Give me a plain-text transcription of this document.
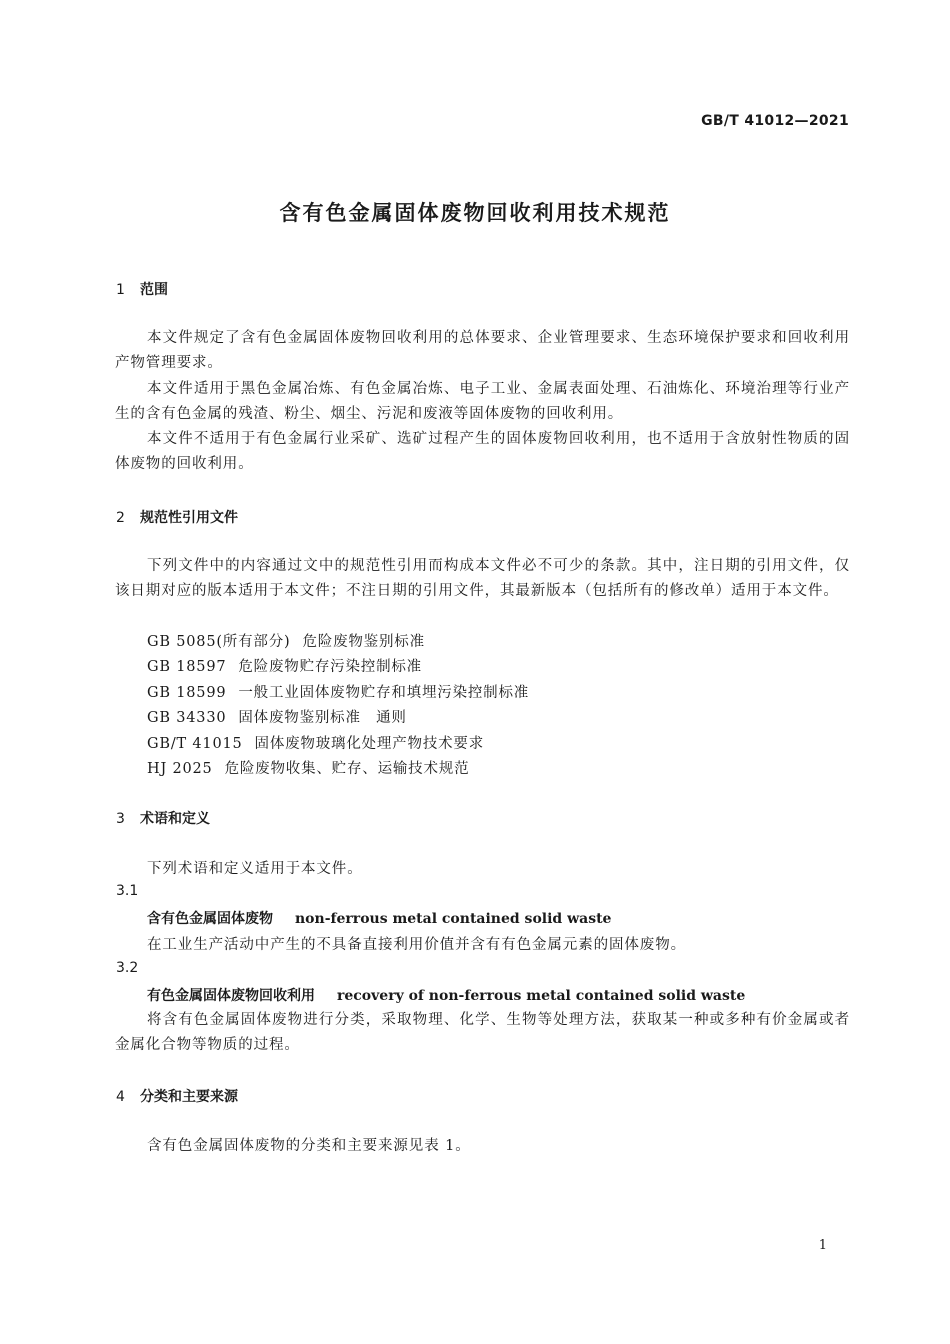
GB/T 41012—2021
含有色金属固体废物回收利用技术规范
1 范围
本文件规定了含有色金属固体废物回收利用的总体要求、企业管理要求、生态环境保护要求和回收利用产物管理要求。
本文件适用于黑色金属冶炼、有色金属冶炼、电子工业、金属表面处理、石油炼化、环境治理等行业产生的含有色金属的残渣、粉尘、烟尘、污泥和废液等固体废物的回收利用。
本文件不适用于有色金属行业采矿、选矿过程产生的固体废物回收利用，也不适用于含放射性物质的固体废物的回收利用。
2 规范性引用文件
下列文件中的内容通过文中的规范性引用而构成本文件必不可少的条款。其中，注日期的引用文件，仅该日期对应的版本适用于本文件；不注日期的引用文件，其最新版本（包括所有的修改单）适用于本文件。
GB 5085(所有部分) 危险废物鉴别标准
GB 18597 危险废物贮存污染控制标准
GB 18599 一般工业固体废物贮存和填埋污染控制标准
GB 34330 固体废物鉴别标准　通则
GB/T 41015 固体废物玻璃化处理产物技术要求
HJ 2025 危险废物收集、贮存、运输技术规范
3 术语和定义
下列术语和定义适用于本文件。
3.1
含有色金属固体废物 non-ferrous metal contained solid waste
在工业生产活动中产生的不具备直接利用价值并含有有色金属元素的固体废物。
3.2
有色金属固体废物回收利用 recovery of non-ferrous metal contained solid waste
将含有色金属固体废物进行分类，采取物理、化学、生物等处理方法，获取某一种或多种有价金属或者金属化合物等物质的过程。
4 分类和主要来源
含有色金属固体废物的分类和主要来源见表 1。
1
